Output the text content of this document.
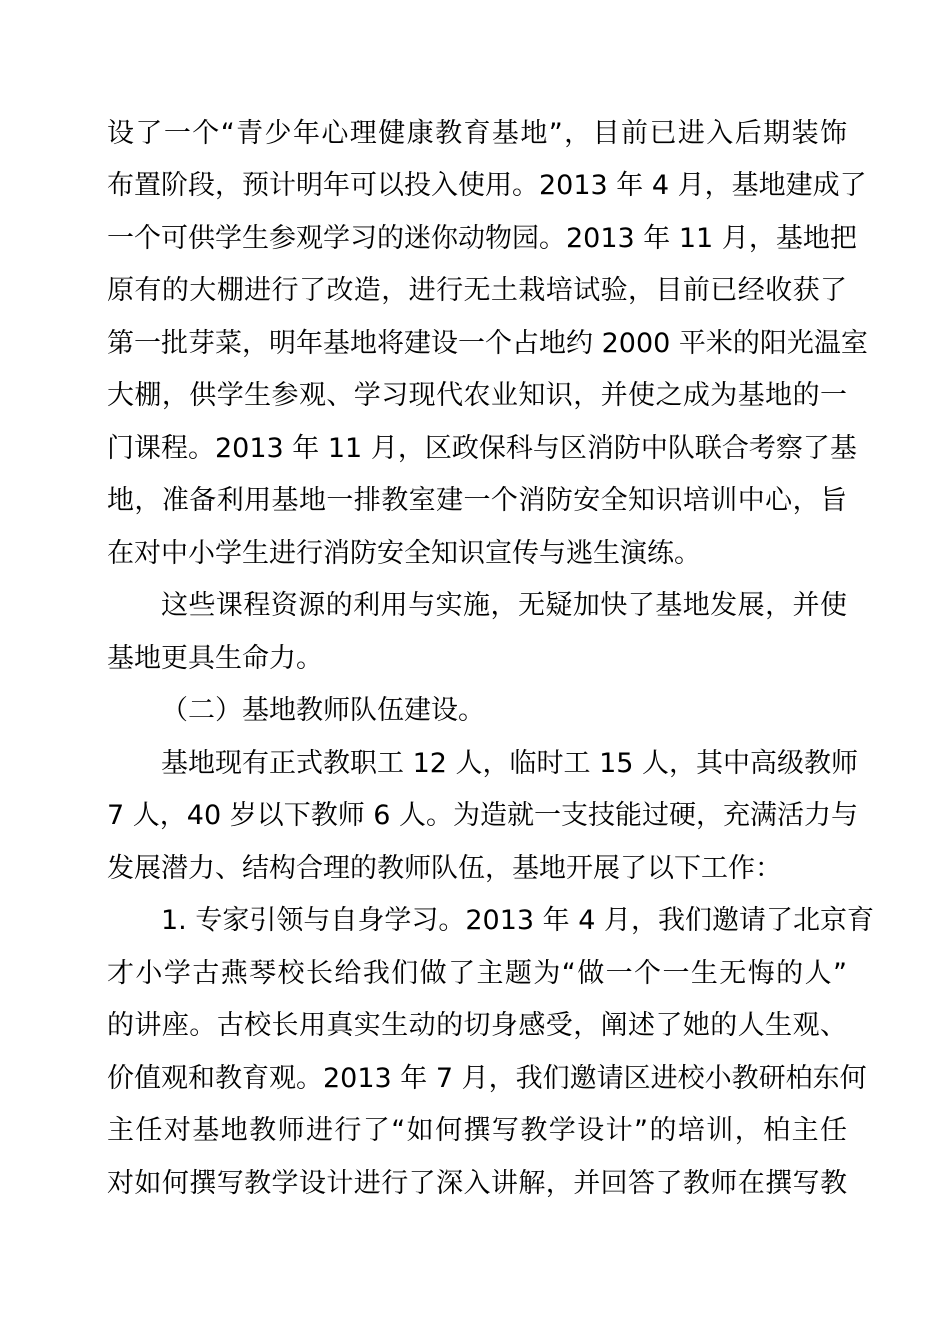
设了一个“青少年心理健康教育基地”，目前已进入后期装饰

布置阶段，预计明年可以投入使用。2013 年 4 月，基地建成了

一个可供学生参观学习的迷你动物园。2013 年 11 月，基地把

原有的大棚进行了改造，进行无土栽培试验，目前已经收获了

第一批芽菜，明年基地将建设一个占地约 2000 平米的阳光温室

大棚，供学生参观、学习现代农业知识，并使之成为基地的一

门课程。2013 年 11 月，区政保科与区消防中队联合考察了基

地，准备利用基地一排教室建一个消防安全知识培训中心，旨

在对中小学生进行消防安全知识宣传与逃生演练。

这些课程资源的利用与实施，无疑加快了基地发展，并使

基地更具生命力。

（二）基地教师队伍建设。

基地现有正式教职工 12 人，临时工 15 人，其中高级教师

7 人，40 岁以下教师 6 人。为造就一支技能过硬，充满活力与

发展潜力、结构合理的教师队伍，基地开展了以下工作：

1. 专家引领与自身学习。2013 年 4 月，我们邀请了北京育

才小学古燕琴校长给我们做了主题为“做一个一生无悔的人”

的讲座。古校长用真实生动的切身感受，阐述了她的人生观、

价值观和教育观。2013 年 7 月，我们邀请区进校小教研柏东何

主任对基地教师进行了“如何撰写教学设计”的培训，柏主任

对如何撰写教学设计进行了深入讲解，并回答了教师在撰写教
